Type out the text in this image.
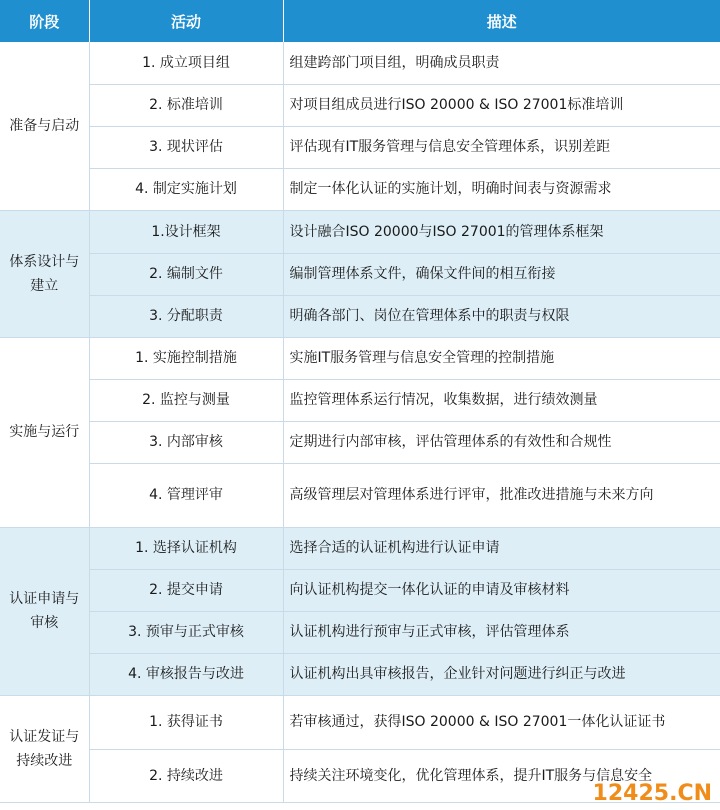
阶段	活动	描述
准备与启动	1. 成立项目组	组建跨部门项目组，明确成员职责
	2. 标准培训	对项目组成员进行ISO 20000 & ISO 27001标准培训
	3. 现状评估	评估现有IT服务管理与信息安全管理体系，识别差距
	4. 制定实施计划	制定一体化认证的实施计划，明确时间表与资源需求
体系设计与建立	1.设计框架	设计融合ISO 20000与ISO 27001的管理体系框架
	2. 编制文件	编制管理体系文件，确保文件间的相互衔接
	3. 分配职责	明确各部门、岗位在管理体系中的职责与权限
实施与运行	1. 实施控制措施	实施IT服务管理与信息安全管理的控制措施
	2. 监控与测量	监控管理体系运行情况，收集数据，进行绩效测量
	3. 内部审核	定期进行内部审核，评估管理体系的有效性和合规性
	4. 管理评审	高级管理层对管理体系进行评审，批准改进措施与未来方向
认证申请与审核	1. 选择认证机构	选择合适的认证机构进行认证申请
	2. 提交申请	向认证机构提交一体化认证的申请及审核材料
	3. 预审与正式审核	认证机构进行预审与正式审核，评估管理体系
	4. 审核报告与改进	认证机构出具审核报告，企业针对问题进行纠正与改进
认证发证与持续改进	1. 获得证书	若审核通过，获得ISO 20000 & ISO 27001一体化认证证书
	2. 持续改进	持续关注环境变化，优化管理体系，提升IT服务与信息安全
12425.CN
